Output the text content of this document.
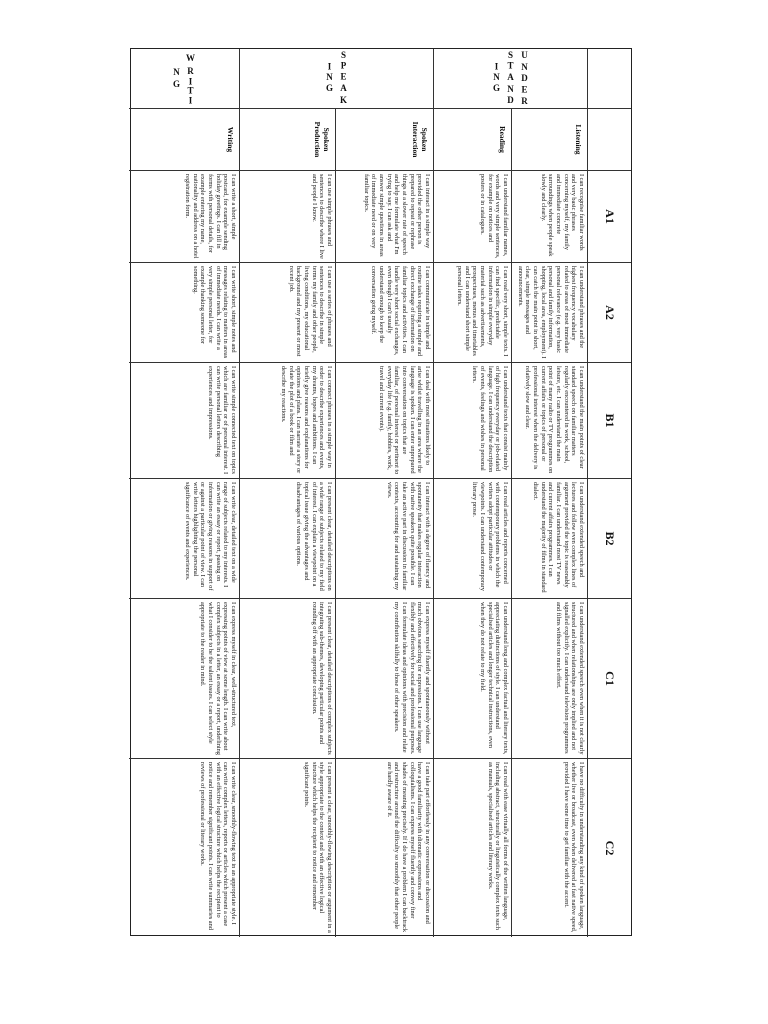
A1
A2
B1
B2
C1
C2
U
N
D
E
R
S
T
A
N
D
I
N
G
Listening
I can recognise familiar words and very basic phrases concerning myself, my family and immediate concrete surroundings when people speak slowly and clearly.
I can understand phrases and the highest frequency vocabulary related to areas of most immediate personal relevance (e.g. very basic personal and family information, shopping, local area, employment). I can catch the main point in short, clear, simple messages and announcements.
I can understand the main points of clear standard speech on familiar matters regularly encountered in work, school, leisure, etc. I can understand the main point of many radio or TV programmes on current affairs or topics of personal or professional interest when the delivery is relatively slow and clear.
I can understand extended speech and lectures and follow even complex lines of argument provided the topic is reasonably familiar. I can understand most TV news and current affairs programmes. I can understand the majority of films in standard dialect.
I can understand extended speech even when it is not clearly structured and when relationships are only implied and not signalled explicitly. I can understand television programmes and films without too much effort.
I have no difficulty in understanding any kind of spoken language, whether live or broadcast, even when delivered at fast native speed, provided I have some time to get familiar with the accent.
Reading
I can understand familiar names, words and very simple sentences, for example on notices and posters or in catalogues.
I can read very short, simple texts. I can find specific, predictable information in simple everyday material such as advertisements, prospectuses, menus and timetables and I can understand short simple personal letters.
I can understand texts that consist mainly of high frequency everyday or job-related language. I can understand the description of events, feelings and wishes in personal letters.
I can read articles and reports concerned with contemporary problems in which the writers adopt particular attitudes or viewpoints. I can understand contemporary literary prose.
I can understand long and complex factual and literary texts, appreciating distinctions of style. I can understand specialised articles and longer technical instructions, even when they do not relate to my field.
I can read with ease virtually all forms of the written language, including abstract, structurally or linguistically complex texts such as manuals, specialised articles and literary works.
S
P
E
A
K
I
N
G
Spoken Interaction
I can interact in a simple way provided the other person is prepared to repeat or rephrase things at a slower rate of speech and help me formulate what I'm trying to say. I can ask and answer simple questions in areas of immediate need or on very familiar topics.
I can communicate in simple and routine tasks requiring a simple and direct exchange of information on familiar topics and activities. I can handle very short social exchanges, even though I can't usually understand enough to keep the conversation going myself.
I can deal with most situations likely to arise whilst travelling in an area where the language is spoken. I can enter unprepared into conversation on topics that are familiar, of personal interest or pertinent to everyday life (e.g. family, hobbies, work, travel and current events).
I can interact with a degree of fluency and spontaneity that makes regular interaction with native speakers quite possible. I can take an active part in discussion in familiar contexts, accounting for and sustaining my views.
I can express myself fluently and spontaneously without much obvious searching for expressions. I can use language flexibly and effectively for social and professional purposes. I can formulate ideas and opinions with precision and relate my contribution skilfully to those of other speakers.
I can take part effortlessly in any conversation or discussion and have a good familiarity with idiomatic expressions and colloquialisms. I can express myself fluently and convey finer shades of meaning precisely. If I do have a problem I can backtrack and restructure around the difficulty so smoothly that other people are hardly aware of it.
Spoken Production
I can use simple phrases and sentences to describe where I live and people I know.
I can use a series of phrases and sentences to describe in simple terms my family and other people, living conditions, my educational background and my present or most recent job.
I can connect phrases in a simple way in order to describe experiences and events, my dreams, hopes and ambitions. I can briefly give reasons and explanations for opinions and plans. I can narrate a story or relate the plot of a book or film and describe my reactions.
I can present clear, detailed descriptions on a wide range of subjects related to my field of interest. I can explain a viewpoint on a topical issue giving the advantages and disadvantages of various options.
I can present clear, detailed descriptions of complex subjects integrating sub-themes, developing particular points and rounding off with an appropriate conclusion.
I can present a clear, smoothly-flowing description or argument in a style appropriate to the context and with an effective logical structure which helps the recipient to notice and remember significant points.
W
R
I
T
I
N
G
Writing
I can write a short, simple postcard, for example sending holiday greetings. I can fill in forms with personal details, for example entering my name, nationality and address on a hotel registration form.
I can write short, simple notes and messages relating to matters in areas of immediate needs. I can write a very simple personal letter, for example thanking someone for something.
I can write simple connected text on topics which are familiar or of personal interest. I can write personal letters describing experiences and impressions.
I can write clear, detailed text on a wide range of subjects related to my interests. I can write an essay or report, passing on information or giving reasons in support of or against a particular point of view. I can write letters highlighting the personal significance of events and experiences.
I can express myself in clear, well-structured text, expressing points of view at some length. I can write about complex subjects in a letter, an essay or a report, underlining what I consider to be the salient issues. I can select style appropriate to the reader in mind.
I can write clear, smoothly-flowing text in an appropriate style. I can write complex letters, reports or articles which present a case with an effective logical structure which helps the recipient to notice and remember significant points. I can write summaries and reviews of professional or literary works.
